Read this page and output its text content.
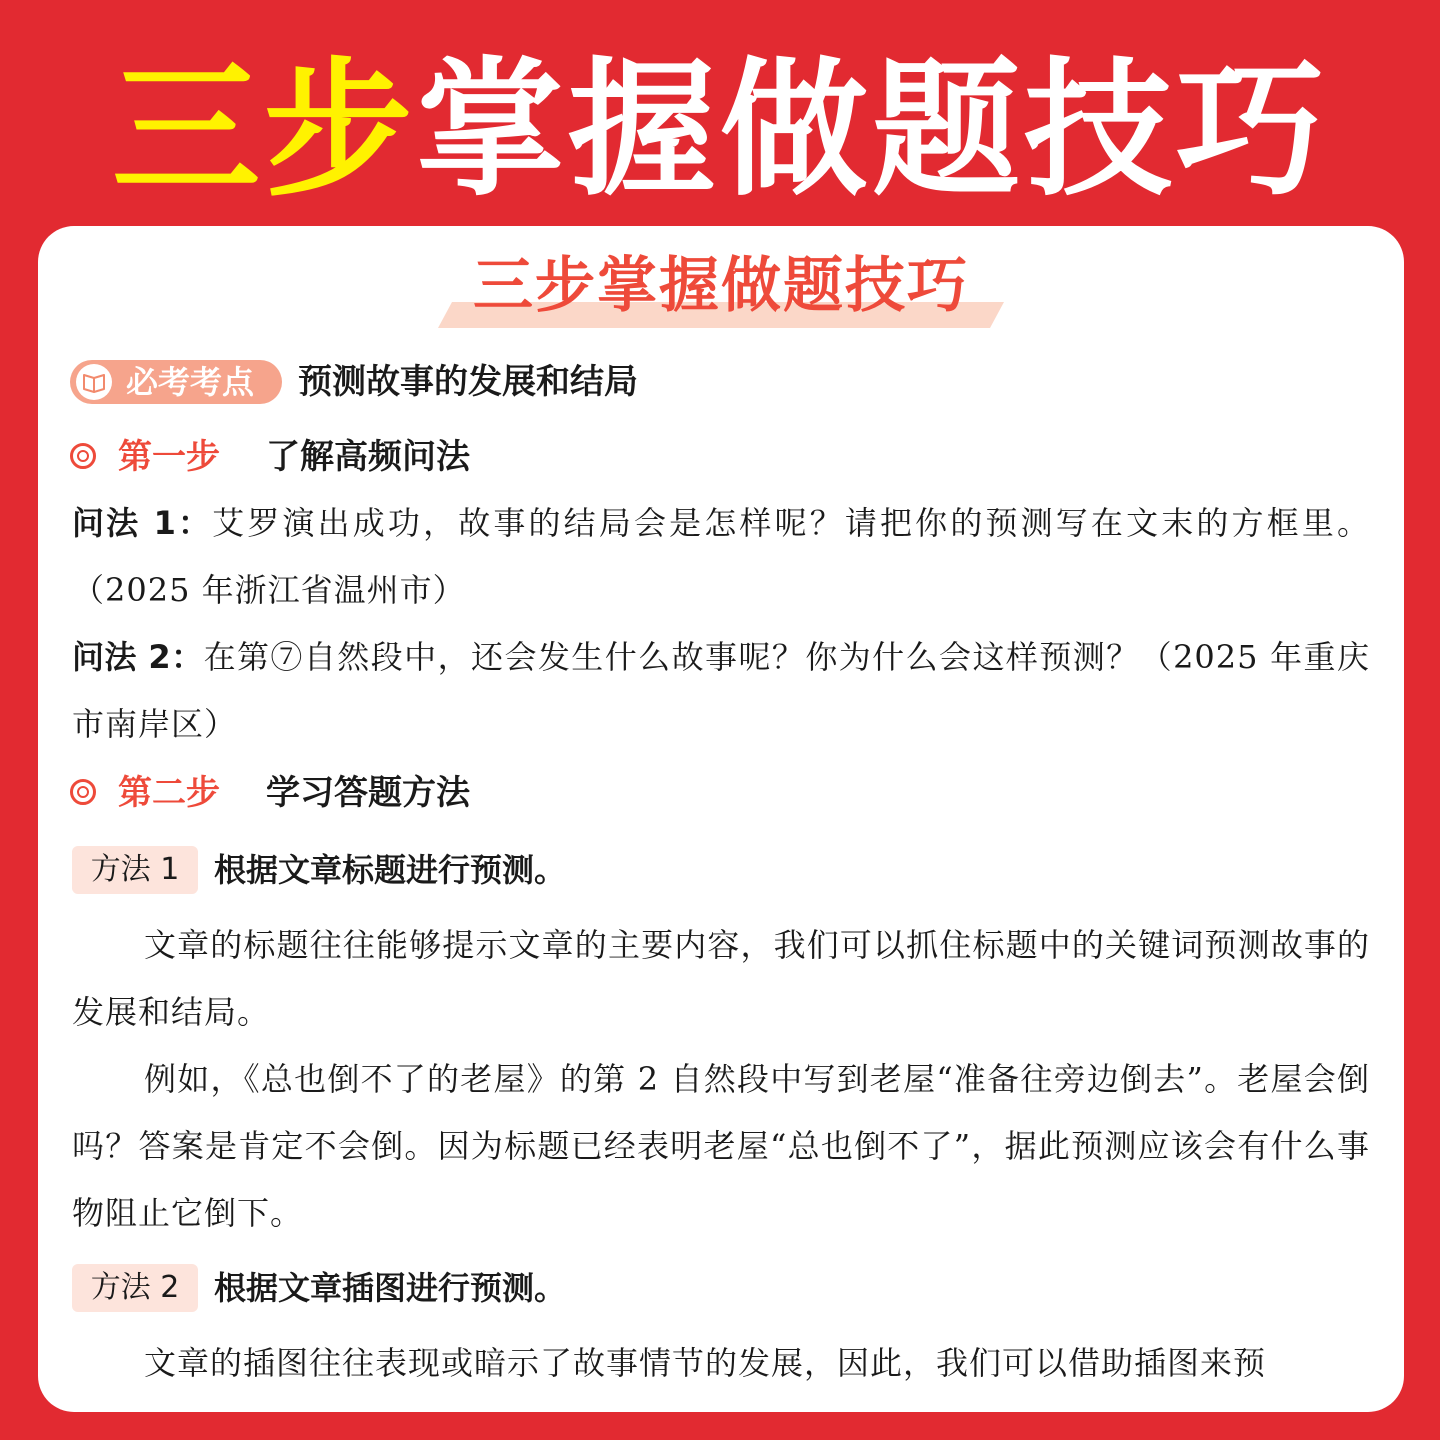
三步掌握做题技巧
三步掌握做题技巧
必考考点 预测故事的发展和结局
第一步 了解高频问法

问法 1：艾罗演出成功，故事的结局会是怎样呢？请把你的预测写在文末的方框里。（2025 年浙江省温州市）

问法 2：在第⑦自然段中，还会发生什么故事呢？你为什么会这样预测？（2025 年重庆市南岸区）

第二步 学习答题方法
方法 1	根据文章标题进行预测。

文章的标题往往能够提示文章的主要内容，我们可以抓住标题中的关键词预测故事的发展和结局。

例如，《总也倒不了的老屋》的第 2 自然段中写到老屋“准备往旁边倒去”。老屋会倒吗？答案是肯定不会倒。因为标题已经表明老屋“总也倒不了”，据此预测应该会有什么事物阻止它倒下。

方法 2	根据文章插图进行预测。

文章的插图往往表现或暗示了故事情节的发展，因此，我们可以借助插图来预
